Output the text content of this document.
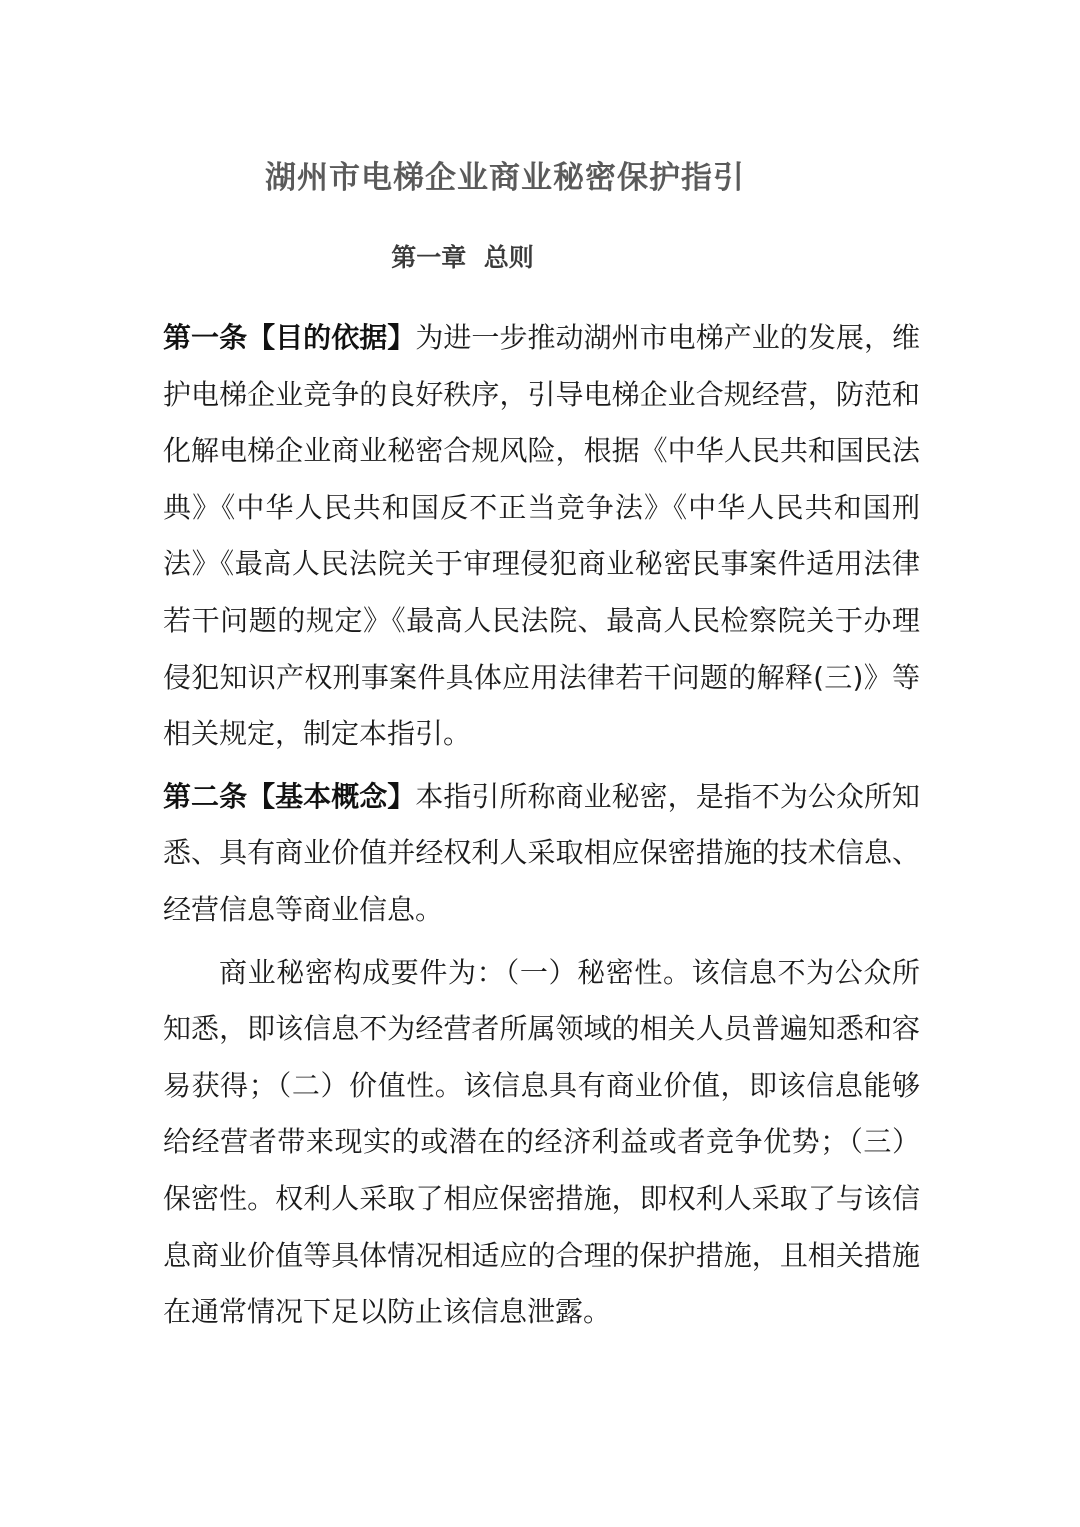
湖州市电梯企业商业秘密保护指引
第一章  总则

第一条【目的依据】为进一步推动湖州市电梯产业的发展，维护电梯企业竞争的良好秩序，引导电梯企业合规经营，防范和化解电梯企业商业秘密合规风险，根据《中华人民共和国民法典》《中华人民共和国反不正当竞争法》《中华人民共和国刑法》《最高人民法院关于审理侵犯商业秘密民事案件适用法律若干问题的规定》《最高人民法院、最高人民检察院关于办理侵犯知识产权刑事案件具体应用法律若干问题的解释(三)》等相关规定，制定本指引。

第二条【基本概念】本指引所称商业秘密，是指不为公众所知悉、具有商业价值并经权利人采取相应保密措施的技术信息、经营信息等商业信息。

商业秘密构成要件为：（一）秘密性。该信息不为公众所知悉，即该信息不为经营者所属领域的相关人员普遍知悉和容易获得；（二）价值性。该信息具有商业价值，即该信息能够给经营者带来现实的或潜在的经济利益或者竞争优势；（三）保密性。权利人采取了相应保密措施，即权利人采取了与该信息商业价值等具体情况相适应的合理的保护措施，且相关措施在通常情况下足以防止该信息泄露。
